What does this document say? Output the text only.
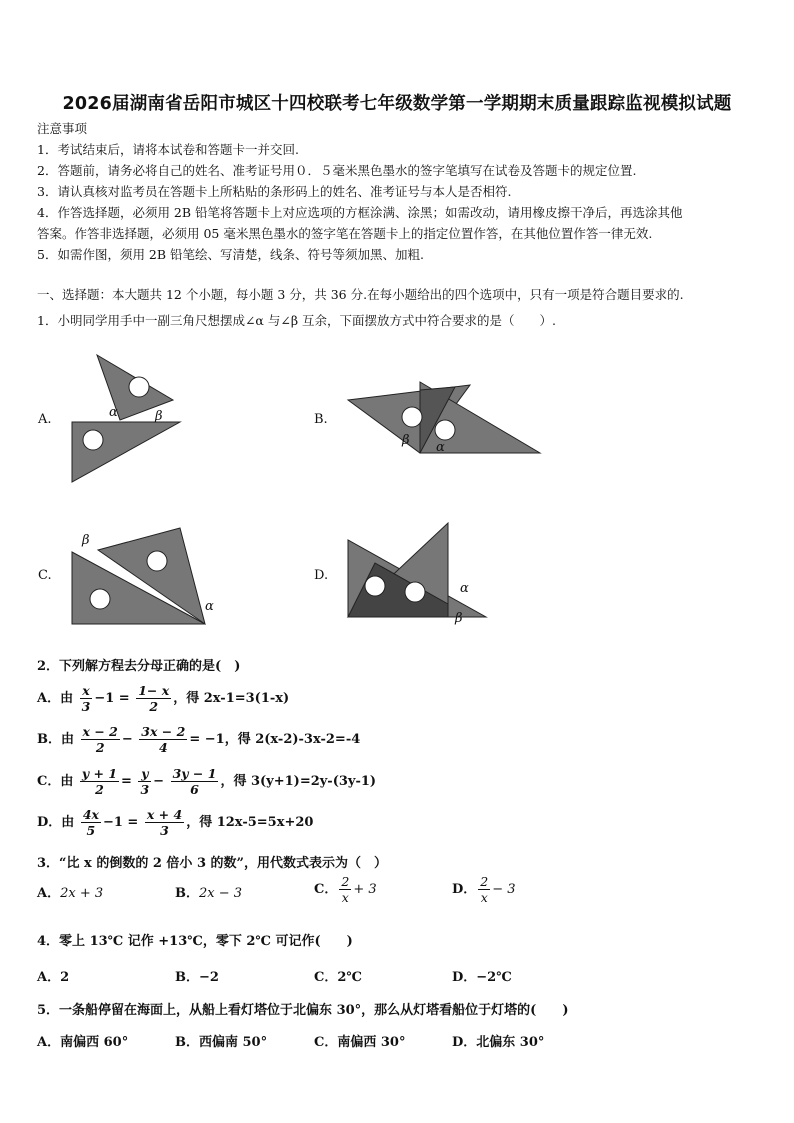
2026届湖南省岳阳市城区十四校联考七年级数学第一学期期末质量跟踪监视模拟试题
注意事项
1．考试结束后，请将本试卷和答题卡一并交回.
2．答题前，请务必将自己的姓名、准考证号用０．５毫米黑色墨水的签字笔填写在试卷及答题卡的规定位置.
3．请认真核对监考员在答题卡上所粘贴的条形码上的姓名、准考证号与本人是否相符.
4．作答选择题，必须用 2B 铅笔将答题卡上对应选项的方框涂满、涂黑；如需改动，请用橡皮擦干净后，再选涂其他
答案。作答非选择题，必须用 05 毫米黑色墨水的签字笔在答题卡上的指定位置作答，在其他位置作答一律无效.
5．如需作图，须用 2B 铅笔绘、写清楚，线条、符号等须加黑、加粗.
一、选择题：本大题共 12 个小题，每小题 3 分，共 36 分.在每小题给出的四个选项中，只有一项是符合题目要求的.
1．小明同学用手中一副三角尺想摆成∠α 与∠β 互余，下面摆放方式中符合要求的是（　　）.
A.	B.
C.	D.
α	β
β α
β
α
α
β
2．下列解方程去分母正确的是(　)
A．由 $\frac{x}{3} -1 = \frac{1- x}{2}$ ，得 2x-1=3(1-x)
B．由 $\frac{x - 2}{2} - \frac{3x - 2}{4} = -1$，得 2(x-2)-3x-2=-4
C．由 $\frac{y + 1}{2} = \frac{y}{3} - \frac{3y - 1}{6}$ ，得 3(y+1)=2y-(3y-1)
D．由 $\frac{4x}{5} -1 = \frac{x + 4}{3}$ ，得 12x-5=5x+20
3．“比 x 的倒数的 2 倍小 3 的数”，用代数式表示为（　）
A．2x + 3	B．2x − 3	C． $\frac{2}{x} + 3$	D． $\frac{2}{x} - 3$
4．零上 13℃ 记作 +13℃，零下 2℃ 可记作(　　)
A．2	B．−2	C．2℃	D．−2℃
5．一条船停留在海面上，从船上看灯塔位于北偏东 30°，那么从灯塔看船位于灯塔的(　　)
A．南偏西 60°	B．西偏南 50°	C．南偏西 30°	D．北偏东 30°
